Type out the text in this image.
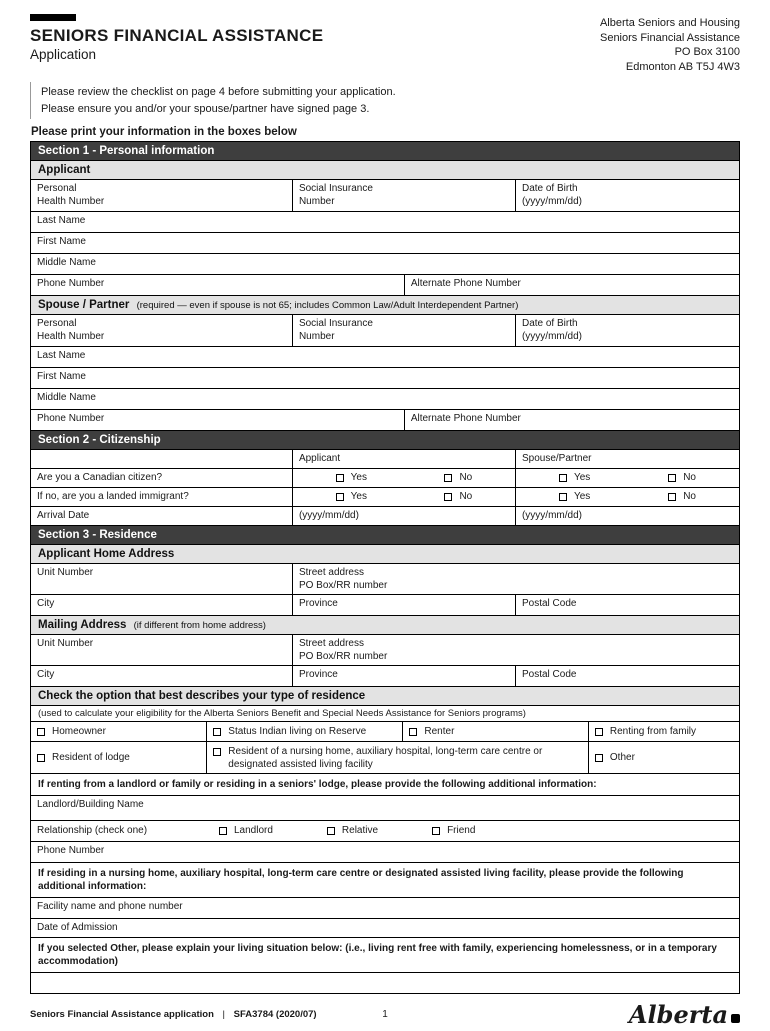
SENIORS FINANCIAL ASSISTANCE
Application
Alberta Seniors and Housing
Seniors Financial Assistance
PO Box 3100
Edmonton AB T5J 4W3
Please review the checklist on page 4 before submitting your application.
Please ensure you and/or your spouse/partner have signed page 3.
Please print your information in the boxes below
Section 1 - Personal information
Applicant
Personal
Health Number
Social Insurance
Number
Date of Birth
(yyyy/mm/dd)
Last Name
First Name
Middle Name
Phone Number	Alternate Phone Number
Spouse / Partner (required — even if spouse is not 65; includes Common Law/Adult Interdependent Partner)
Personal
Health Number
Social Insurance
Number
Date of Birth
(yyyy/mm/dd)
Last Name
First Name
Middle Name
Phone Number	Alternate Phone Number
Section 2 - Citizenship
Applicant	Spouse/Partner
Are you a Canadian citizen?	Yes	No	Yes	No
If no, are you a landed immigrant?	Yes	No	Yes	No
Arrival Date	(yyyy/mm/dd)	(yyyy/mm/dd)
Section 3 - Residence
Applicant Home Address
Unit Number	Street address
PO Box/RR number
City	Province	Postal Code
Mailing Address (if different from home address)
Unit Number	Street address
PO Box/RR number
City	Province	Postal Code
Check the option that best describes your type of residence
(used to calculate your eligibility for the Alberta Seniors Benefit and Special Needs Assistance for Seniors programs)
Homeowner	Status Indian living on Reserve	Renter	Renting from family
Resident of lodge
Resident of a nursing home, auxiliary hospital, long-term care centre or designated assisted living facility
Other
If renting from a landlord or family or residing in a seniors' lodge, please provide the following additional information:
Landlord/Building Name
Relationship (check one)	Landlord	Relative	Friend
Phone Number
If residing in a nursing home, auxiliary hospital, long-term care centre or designated assisted living facility, please provide the following additional information:
Facility name and phone number
Date of Admission
If you selected Other, please explain your living situation below: (i.e., living rent free with family, experiencing homelessness, or in a temporary accommodation)
Seniors Financial Assistance application | SFA3784 (2020/07)	1	Alberta
